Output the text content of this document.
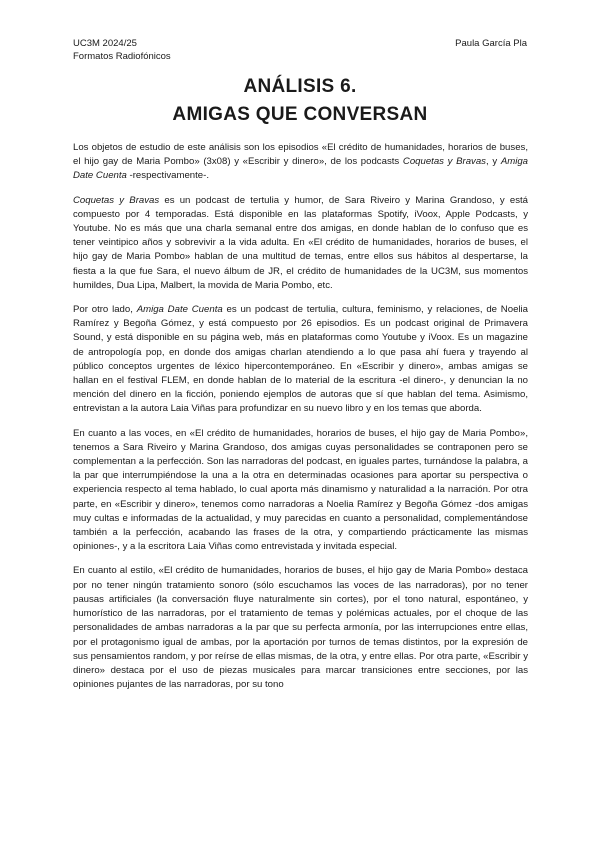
UC3M 2024/25
Formatos Radiofónicos
Paula García Pla
ANÁLISIS 6.
AMIGAS QUE CONVERSAN

Los objetos de estudio de este análisis son los episodios «El crédito de humanidades, horarios de buses, el hijo gay de Maria Pombo» (3x08) y «Escribir y dinero», de los podcasts Coquetas y Bravas, y Amiga Date Cuenta -respectivamente-.

Coquetas y Bravas es un podcast de tertulia y humor, de Sara Riveiro y Marina Grandoso, y está compuesto por 4 temporadas. Está disponible en las plataformas Spotify, iVoox, Apple Podcasts, y Youtube. No es más que una charla semanal entre dos amigas, en donde hablan de lo confuso que es tener veintipico años y sobrevivir a la vida adulta. En «El crédito de humanidades, horarios de buses, el hijo gay de Maria Pombo» hablan de una multitud de temas, entre ellos sus hábitos al despertarse, la fiesta a la que fue Sara, el nuevo álbum de JR, el crédito de humanidades de la UC3M, sus momentos humildes, Dua Lipa, Malbert, la movida de Maria Pombo, etc.

Por otro lado, Amiga Date Cuenta es un podcast de tertulia, cultura, feminismo, y relaciones, de Noelia Ramírez y Begoña Gómez, y está compuesto por 26 episodios. Es un podcast original de Primavera Sound, y está disponible en su página web, más en plataformas como Youtube y iVoox. Es un magazine de antropología pop, en donde dos amigas charlan atendiendo a lo que pasa ahí fuera y trayendo al público conceptos urgentes de léxico hipercontemporáneo. En «Escribir y dinero», ambas amigas se hallan en el festival FLEM, en donde hablan de lo material de la escritura -el dinero-, y denuncian la no mención del dinero en la ficción, poniendo ejemplos de autoras que sí que hablan del tema. Asimismo, entrevistan a la autora Laia Viñas para profundizar en su nuevo libro y en los temas que aborda.

En cuanto a las voces, en «El crédito de humanidades, horarios de buses, el hijo gay de Maria Pombo», tenemos a Sara Riveiro y Marina Grandoso, dos amigas cuyas personalidades se contraponen pero se complementan a la perfección. Son las narradoras del podcast, en iguales partes, turnándose la palabra, a la par que interrumpiéndose la una a la otra en determinadas ocasiones para aportar su perspectiva o experiencia respecto al tema hablado, lo cual aporta más dinamismo y naturalidad a la narración. Por otra parte, en «Escribir y dinero», tenemos como narradoras a Noelia Ramírez y Begoña Gómez -dos amigas muy cultas e informadas de la actualidad, y muy parecidas en cuanto a personalidad, complementándose también a la perfección, acabando las frases de la otra, y compartiendo prácticamente las mismas opiniones-, y a la escritora Laia Viñas como entrevistada y invitada especial.

En cuanto al estilo, «El crédito de humanidades, horarios de buses, el hijo gay de Maria Pombo» destaca por no tener ningún tratamiento sonoro (sólo escuchamos las voces de las narradoras), por no tener pausas artificiales (la conversación fluye naturalmente sin cortes), por el tono natural, espontáneo, y humorístico de las narradoras, por el tratamiento de temas y polémicas actuales, por el choque de las personalidades de ambas narradoras a la par que su perfecta armonía, por las interrupciones entre ellas, por el protagonismo igual de ambas, por la aportación por turnos de temas distintos, por la expresión de sus pensamientos random, y por reírse de ellas mismas, de la otra, y entre ellas. Por otra parte, «Escribir y dinero» destaca por el uso de piezas musicales para marcar transiciones entre secciones, por las opiniones pujantes de las narradoras, por su tono
